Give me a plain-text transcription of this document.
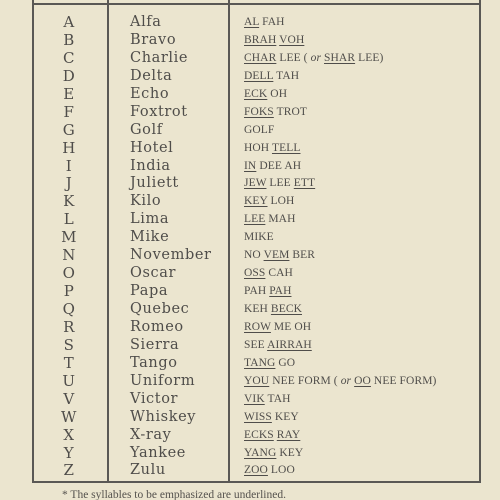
A	Alfa	AL FAH
B	Bravo	BRAH VOH
C	Charlie	CHAR LEE ( or SHAR LEE)
D	Delta	DELL TAH
E	Echo	ECK OH
F	Foxtrot	FOKS TROT
G	Golf	GOLF
H	Hotel	HOH TELL
I	India	IN DEE AH
J	Juliett	JEW LEE ETT
K	Kilo	KEY LOH
L	Lima	LEE MAH
M	Mike	MIKE
N	November	NO VEM BER
O	Oscar	OSS CAH
P	Papa	PAH PAH
Q	Quebec	KEH BECK
R	Romeo	ROW ME OH
S	Sierra	SEE AIRRAH
T	Tango	TANG GO
U	Uniform	YOU NEE FORM ( or OO NEE FORM)
V	Victor	VIK TAH
W	Whiskey	WISS KEY
X	X-ray	ECKS RAY
Y	Yankee	YANG KEY
Z	Zulu	ZOO LOO
* The syllables to be emphasized are underlined.
